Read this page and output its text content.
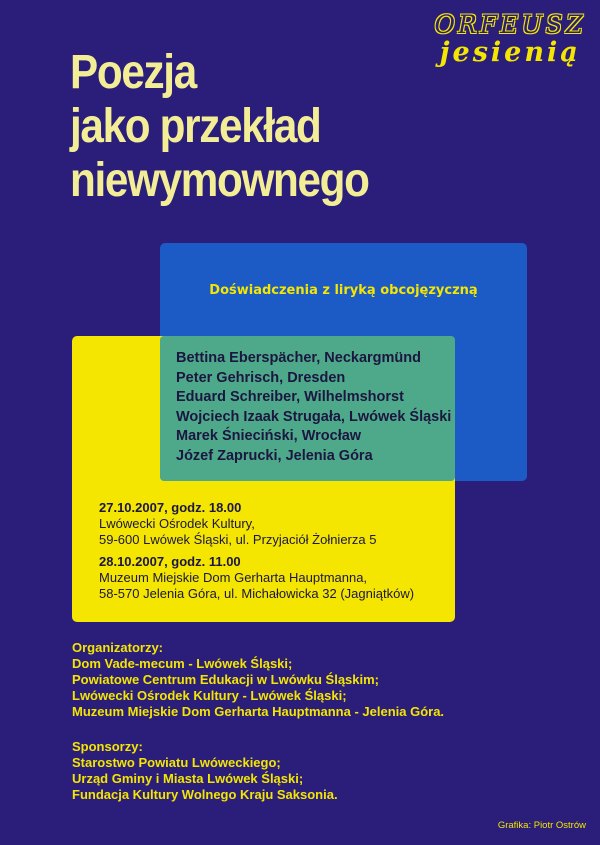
ORFEUSZ
jesienią
Poezja
jako przekład
niewymownego
Doświadczenia z liryką obcojęzyczną
Bettina Eberspächer, Neckargmünd
Peter Gehrisch, Dresden
Eduard Schreiber, Wilhelmshorst
Wojciech Izaak Strugała, Lwówek Śląski
Marek Śnieciński, Wrocław
Józef Zaprucki, Jelenia Góra
27.10.2007, godz. 18.00
Lwówecki Ośrodek Kultury,
59-600 Lwówek Śląski, ul. Przyjaciół Żołnierza 5
28.10.2007, godz. 11.00
Muzeum Miejskie Dom Gerharta Hauptmanna,
58-570 Jelenia Góra, ul. Michałowicka 32 (Jagniątków)
Organizatorzy:
Dom Vade-mecum - Lwówek Śląski;
Powiatowe Centrum Edukacji w Lwówku Śląskim;
Lwówecki Ośrodek Kultury - Lwówek Śląski;
Muzeum Miejskie Dom Gerharta Hauptmanna - Jelenia Góra.
Sponsorzy:
Starostwo Powiatu Lwóweckiego;
Urząd Gminy i Miasta Lwówek Śląski;
Fundacja Kultury Wolnego Kraju Saksonia.
Grafika: Piotr Ostrów
